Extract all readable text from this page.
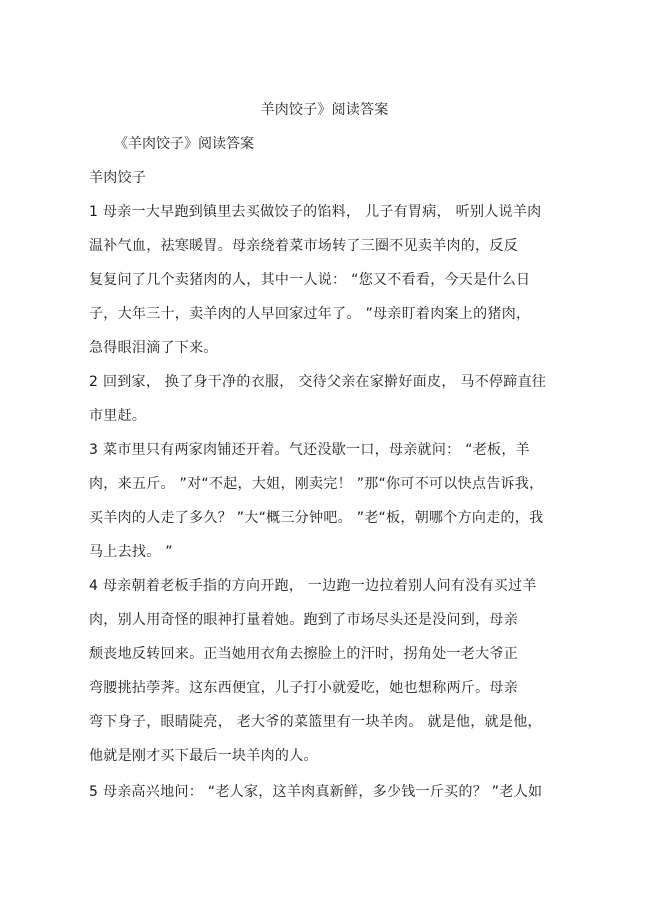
羊肉饺子》阅读答案
《羊肉饺子》阅读答案
羊肉饺子
1 母亲一大早跑到镇里去买做饺子的馅料， 儿子有胃病， 听别人说羊肉
温补气血，祛寒暖胃。母亲绕着菜市场转了三圈不见卖羊肉的，反反
复复问了几个卖猪肉的人，其中一人说： “您又不看看，今天是什么日
子，大年三十，卖羊肉的人早回家过年了。 ”母亲盯着肉案上的猪肉，
急得眼泪滴了下来。
2 回到家， 换了身干净的衣服， 交待父亲在家擀好面皮， 马不停蹄直往
市里赶。
3 菜市里只有两家肉铺还开着。气还没歇一口，母亲就问： “老板，羊
肉，来五斤。 ”对“不起，大姐，刚卖完！ ”那“你可不可以快点告诉我，
买羊肉的人走了多久？ ”大“概三分钟吧。 ”老“板，朝哪个方向走的，我
马上去找。 ”
4 母亲朝着老板手指的方向开跑， 一边跑一边拉着别人问有没有买过羊
肉，别人用奇怪的眼神打量着她。跑到了市场尽头还是没问到，母亲
颓丧地反转回来。正当她用衣角去擦脸上的汗时，拐角处一老大爷正
弯腰挑拈荸荠。这东西便宜，儿子打小就爱吃，她也想称两斤。母亲
弯下身子，眼睛陡亮， 老大爷的菜篮里有一块羊肉。 就是他，就是他，
他就是刚才买下最后一块羊肉的人。
5 母亲高兴地问： “老人家，这羊肉真新鲜，多少钱一斤买的？ ”老人如
